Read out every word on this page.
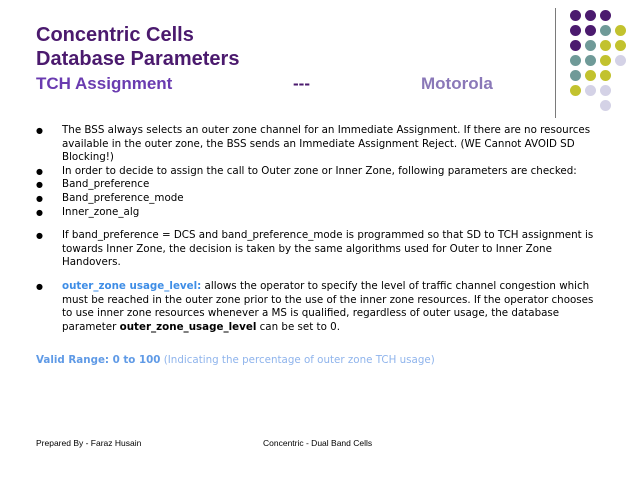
Concentric Cells
Database Parameters
TCH Assignment	---	Motorola

● The BSS always selects an outer zone channel for an Immediate Assignment. If there are no resources available in the outer zone, the BSS sends an Immediate Assignment Reject. (WE Cannot AVOID SD Blocking!)

● In order to decide to assign the call to Outer zone or Inner Zone, following parameters are checked:

● Band_preference

● Band_preference_mode

● Inner_zone_alg

● If band_preference = DCS and band_preference_mode is programmed so that SD to TCH assignment is towards Inner Zone, the decision is taken by the same algorithms used for Outer to Inner Zone Handovers.

● outer_zone usage_level: allows the operator to specify the level of traffic channel congestion which must be reached in the outer zone prior to the use of the inner zone resources. If the operator chooses to use inner zone resources whenever a MS is qualified, regardless of outer usage, the database parameter outer_zone_usage_level can be set to 0.

Valid Range: 0 to 100 (Indicating the percentage of outer zone TCH usage)

Prepared By - Faraz Husain	Concentric - Dual Band Cells
